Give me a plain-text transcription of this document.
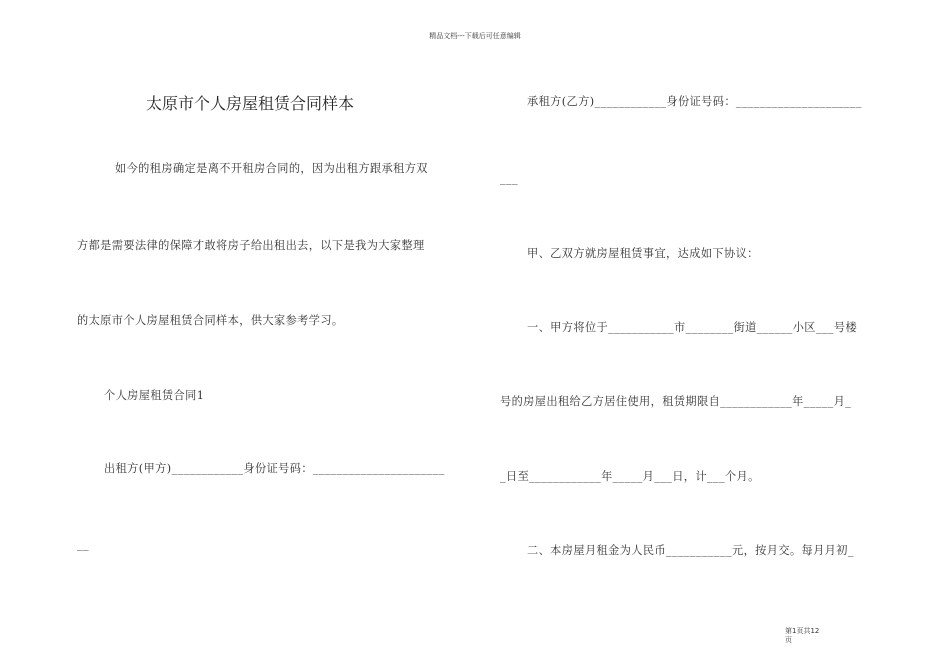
精品文档---下载后可任意编辑
太原市个人房屋租赁合同样本
如今的租房确定是离不开租房合同的，因为出租方跟承租方双
方都是需要法律的保障才敢将房子给出租出去，以下是我为大家整理
的太原市个人房屋租赁合同样本，供大家参考学习。
个人房屋租赁合同1
出租方(甲方)____________身份证号码：______________________
__
承租方(乙方)____________身份证号码：_____________________
___
甲、乙双方就房屋租赁事宜，达成如下协议：
一、甲方将位于___________市________街道______小区___号楼
号的房屋出租给乙方居住使用，租赁期限自____________年_____月_
_日至____________年_____月___日，计___个月。
二、本房屋月租金为人民币___________元，按月交。每月月初_
第1页共12
页
